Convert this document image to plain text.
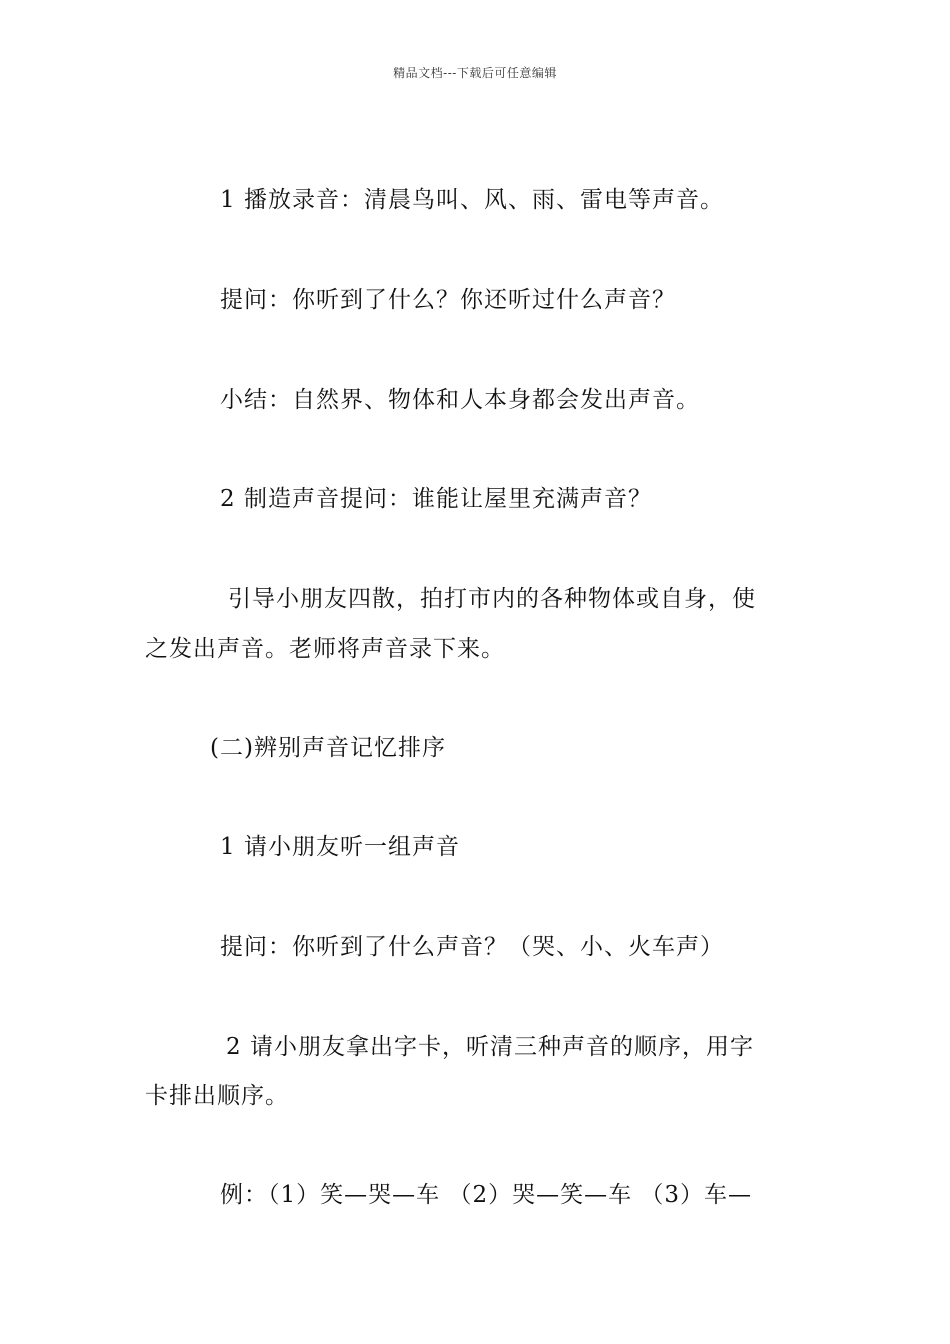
精品文档---下载后可任意编辑
1 播放录音：清晨鸟叫、风、雨、雷电等声音。
提问：你听到了什么？你还听过什么声音？
小结：自然界、物体和人本身都会发出声音。
2 制造声音提问：谁能让屋里充满声音？
引导小朋友四散，拍打市内的各种物体或自身，使
之发出声音。老师将声音录下来。
(二)辨别声音记忆排序
1 请小朋友听一组声音
提问：你听到了什么声音？（哭、小、火车声）
2 请小朋友拿出字卡，听清三种声音的顺序，用字
卡排出顺序。
例：（1）笑—哭—车 （2）哭—笑—车 （3）车—
